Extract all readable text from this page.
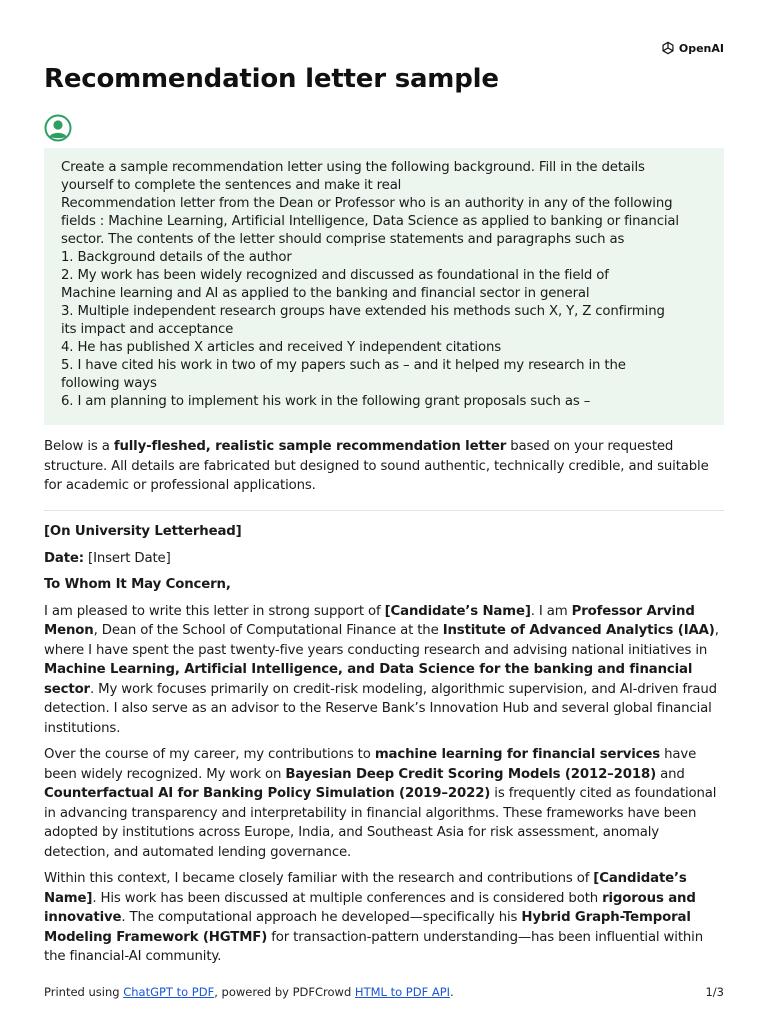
OpenAI
Recommendation letter sample
Create a sample recommendation letter using the following background. Fill in the details
yourself to complete the sentences and make it real
Recommendation letter from the Dean or Professor who is an authority in any of the following
fields : Machine Learning, Artificial Intelligence, Data Science as applied to banking or financial
sector. The contents of the letter should comprise statements and paragraphs such as
1. Background details of the author
2. My work has been widely recognized and discussed as foundational in the field of
Machine learning and AI as applied to the banking and financial sector in general
3. Multiple independent research groups have extended his methods such X, Y, Z confirming
its impact and acceptance
4. He has published X articles and received Y independent citations
5. I have cited his work in two of my papers such as – and it helped my research in the
following ways
6. I am planning to implement his work in the following grant proposals such as –

Below is a fully-fleshed, realistic sample recommendation letter based on your requested structure. All details are fabricated but designed to sound authentic, technically credible, and suitable for academic or professional applications.

[On University Letterhead]

Date: [Insert Date]

To Whom It May Concern,

I am pleased to write this letter in strong support of [Candidate’s Name]. I am Professor Arvind Menon, Dean of the School of Computational Finance at the Institute of Advanced Analytics (IAA), where I have spent the past twenty-five years conducting research and advising national initiatives in Machine Learning, Artificial Intelligence, and Data Science for the banking and financial sector. My work focuses primarily on credit-risk modeling, algorithmic supervision, and AI-driven fraud detection. I also serve as an advisor to the Reserve Bank’s Innovation Hub and several global financial institutions.

Over the course of my career, my contributions to machine learning for financial services have been widely recognized. My work on Bayesian Deep Credit Scoring Models (2012–2018) and Counterfactual AI for Banking Policy Simulation (2019–2022) is frequently cited as foundational in advancing transparency and interpretability in financial algorithms. These frameworks have been adopted by institutions across Europe, India, and Southeast Asia for risk assessment, anomaly detection, and automated lending governance.

Within this context, I became closely familiar with the research and contributions of [Candidate’s Name]. His work has been discussed at multiple conferences and is considered both rigorous and innovative. The computational approach he developed—specifically his Hybrid Graph-Temporal Modeling Framework (HGTMF) for transaction-pattern understanding—has been influential within the financial-AI community.

Printed using ChatGPT to PDF, powered by PDFCrowd HTML to PDF API.	1/3
